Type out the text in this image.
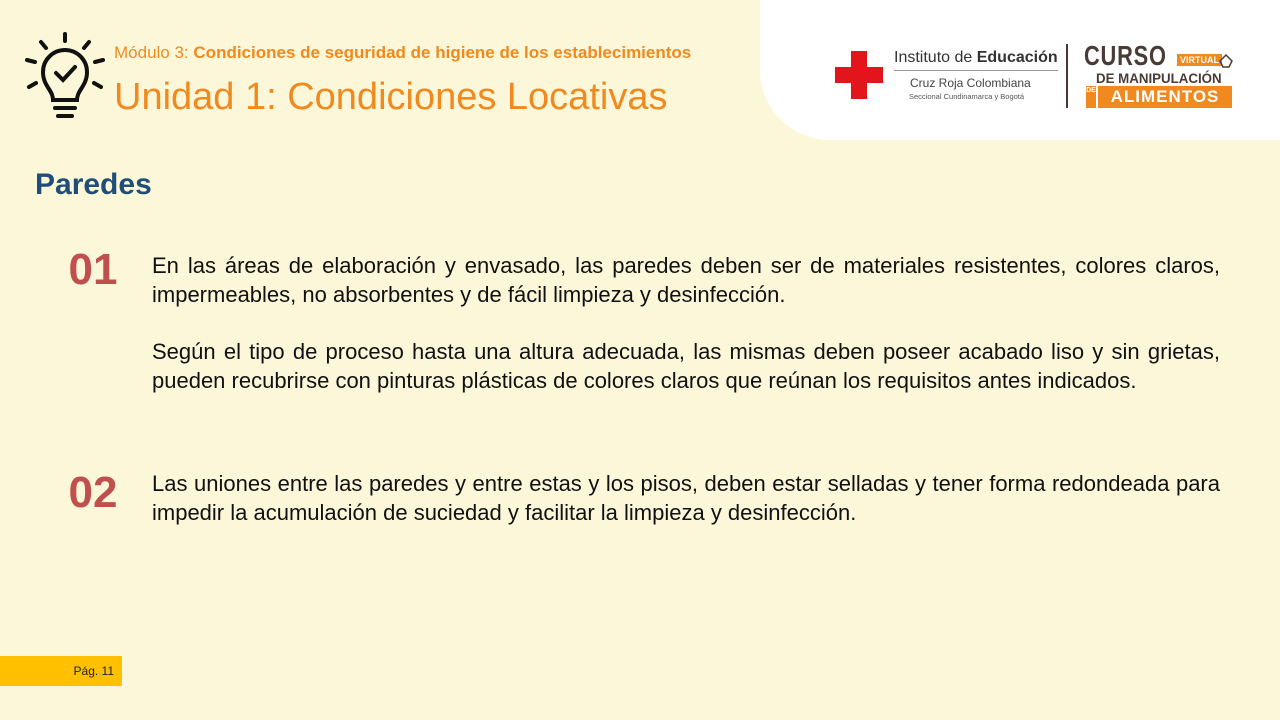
Módulo 3: Condiciones de seguridad de higiene de los establecimientos
Unidad 1: Condiciones Locativas
Instituto de Educación
Cruz Roja Colombiana
Seccional Cundinamarca y Bogotá
CURSO	VIRTUAL
DE MANIPULACIÓN
DE ALIMENTOS
Paredes
01	En las áreas de elaboración y envasado, las paredes deben ser de materiales resistentes, colores claros, impermeables, no absorbentes y de fácil limpieza y desinfección.

Según el tipo de proceso hasta una altura adecuada, las mismas deben poseer acabado liso y sin grietas, pueden recubrirse con pinturas plásticas de colores claros que reúnan los requisitos antes indicados.

02	Las uniones entre las paredes y entre estas y los pisos, deben estar selladas y tener forma redondeada para impedir la acumulación de suciedad y facilitar la limpieza y desinfección.

Pág. 11
